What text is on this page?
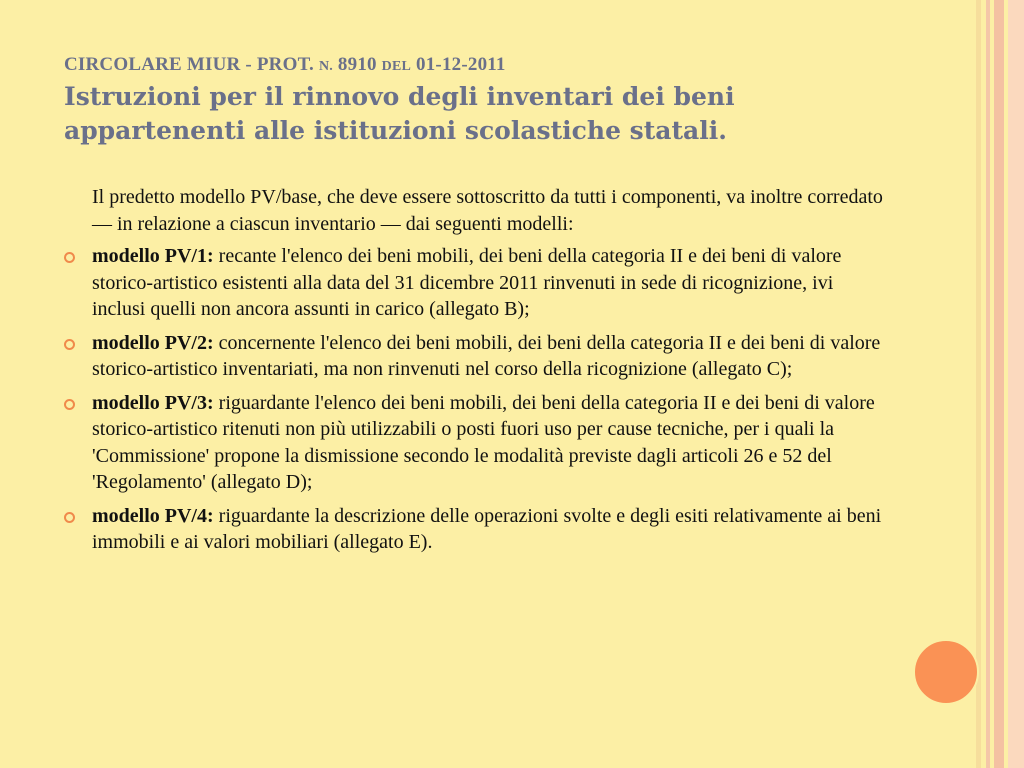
CIRCOLARE MIUR - PROT. N. 8910 DEL 01-12-2011
Istruzioni per il rinnovo degli inventari dei beni appartenenti alle istituzioni scolastiche statali.
Il predetto modello PV/base, che deve essere sottoscritto da tutti i componenti, va inoltre corredato — in relazione a ciascun inventario — dai seguenti modelli:
modello PV/1: recante l'elenco dei beni mobili, dei beni della categoria II e dei beni di valore storico-artistico esistenti alla data del 31 dicembre 2011 rinvenuti in sede di ricognizione, ivi inclusi quelli non ancora assunti in carico (allegato B);
modello PV/2: concernente l'elenco dei beni mobili, dei beni della categoria II e dei beni di valore storico-artistico inventariati, ma non rinvenuti nel corso della ricognizione (allegato C);
modello PV/3: riguardante l'elenco dei beni mobili, dei beni della categoria II e dei beni di valore storico-artistico ritenuti non più utilizzabili o posti fuori uso per cause tecniche, per i quali la 'Commissione' propone la dismissione secondo le modalità previste dagli articoli 26 e 52 del 'Regolamento' (allegato D);
modello PV/4: riguardante la descrizione delle operazioni svolte e degli esiti relativamente ai beni immobili e ai valori mobiliari (allegato E).
